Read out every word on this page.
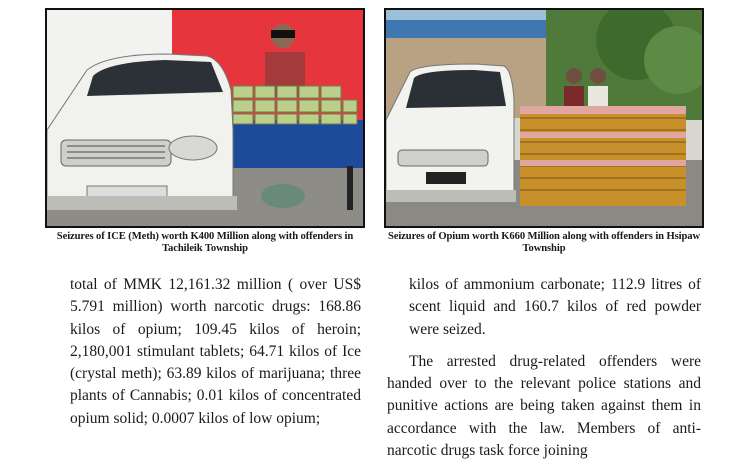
Seizures of ICE (Meth) worth K400 Million along with offenders in Tachileik Township
Seizures of Opium worth K660 Million along with offenders in Hsipaw Township

total of MMK 12,161.32 million ( over US$ 5.791 million) worth narcotic drugs: 168.86 kilos of opium; 109.45 kilos of heroin; 2,180,001 stimulant tablets; 64.71 kilos of Ice (crystal meth); 63.89 kilos of marijuana; three plants of Cannabis; 0.01 kilos of concentrated opium solid; 0.0007 kilos of low opium;

kilos of ammonium carbonate; 112.9 litres of scent liquid and 160.7 kilos of red powder were seized.

The arrested drug-related offenders were handed over to the relevant police stations and punitive actions are being taken against them in accordance with the law. Members of anti-narcotic drugs task force joining
